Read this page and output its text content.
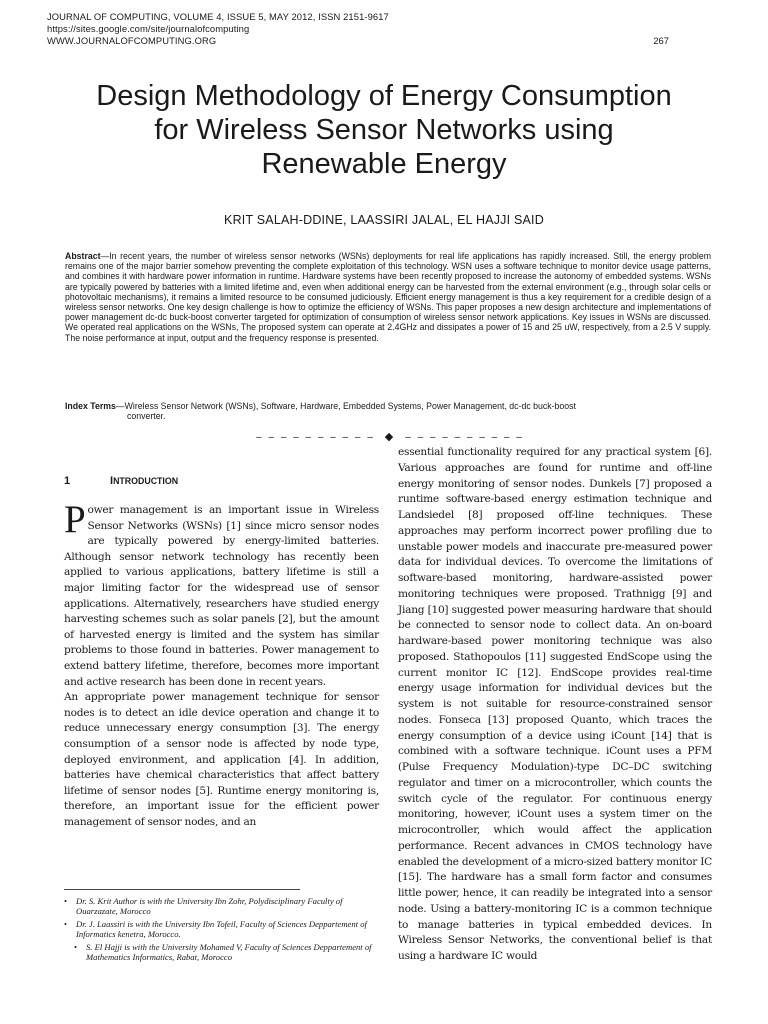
JOURNAL OF COMPUTING, VOLUME 4, ISSUE 5, MAY 2012, ISSN 2151-9617
https://sites.google.com/site/journalofcomputing
WWW.JOURNALOFCOMPUTING.ORG	267
Design Methodology of Energy Consumption
for Wireless Sensor Networks using
Renewable Energy
KRIT SALAH-DDINE, LAASSIRI JALAL, EL HAJJI SAID
Abstract—In recent years, the number of wireless sensor networks (WSNs) deployments for real life applications has rapidly increased. Still, the energy problem remains one of the major barrier somehow preventing the complete exploitation of this technology. WSN uses a software technique to monitor device usage patterns, and combines it with hardware power information in runtime. Hardware systems have been recently proposed to increase the autonomy of embedded systems. WSNs are typically powered by batteries with a limited lifetime and, even when additional energy can be harvested from the external environment (e.g., through solar cells or photovoltaic mechanisms), it remains a limited resource to be consumed judiciously. Efficient energy management is thus a key requirement for a credible design of a wireless sensor networks. One key design challenge is how to optimize the efficiency of WSNs. This paper proposes a new design architecture and implementations of power management dc-dc buck-boost converter targeted for optimization of consumption of wireless sensor network applications. Key issues in WSNs are discussed. We operated real applications on the WSNs, The proposed system can operate at 2.4GHz and dissipates a power of 15 and 25 uW, respectively, from a 2.5 V supply. The noise performance at input, output and the frequency response is presented.
Index Terms—Wireless Sensor Network (WSNs), Software, Hardware, Embedded Systems, Power Management, dc-dc buck-boost
converter.
– – – – – – – – – – ◆ – – – – – – – – – –
1	INTRODUCTION

Power management is an important issue in Wireless Sensor Networks (WSNs) [1] since micro sensor nodes are typically powered by energy-limited batteries. Although sensor network technology has recently been applied to various applications, battery lifetime is still a major limiting factor for the widespread use of sensor applications. Alternatively, researchers have studied energy harvesting schemes such as solar panels [2], but the amount of harvested energy is limited and the system has similar problems to those found in batteries. Power management to extend battery lifetime, therefore, becomes more important and active research has been done in recent years.

An appropriate power management technique for sensor nodes is to detect an idle device operation and change it to reduce unnecessary energy consumption [3]. The energy consumption of a sensor node is affected by node type, deployed environment, and application [4]. In addition, batteries have chemical characteristics that affect battery lifetime of sensor nodes [5]. Runtime energy monitoring is, therefore, an important issue for the efficient power management of sensor nodes, and an

essential functionality required for any practical system [6]. Various approaches are found for runtime and off-line energy monitoring of sensor nodes. Dunkels [7] proposed a runtime software-based energy estimation technique and Landsiedel [8] proposed off-line techniques. These approaches may perform incorrect power profiling due to unstable power models and inaccurate pre-measured power data for individual devices. To overcome the limitations of software-based monitoring, hardware-assisted power monitoring techniques were proposed. Trathnigg [9] and Jiang [10] suggested power measuring hardware that should be connected to sensor node to collect data. An on-board hardware-based power monitoring technique was also proposed. Stathopoulos [11] suggested EndScope using the current monitor IC [12]. EndScope provides real-time energy usage information for individual devices but the system is not suitable for resource-constrained sensor nodes. Fonseca [13] proposed Quanto, which traces the energy consumption of a device using iCount [14] that is combined with a software technique. iCount uses a PFM (Pulse Frequency Modulation)-type DC–DC switching regulator and timer on a microcontroller, which counts the switch cycle of the regulator. For continuous energy monitoring, however, iCount uses a system timer on the microcontroller, which would affect the application performance. Recent advances in CMOS technology have enabled the development of a micro-sized battery monitor IC [15]. The hardware has a small form factor and consumes little power, hence, it can readily be integrated into a sensor node. Using a battery-monitoring IC is a common technique to manage batteries in typical embedded devices. In Wireless Sensor Networks, the conventional belief is that using a hardware IC would

• Dr. S. Krit Author is with the University Ibn Zohr, Polydisciplinary Faculty of Ouarzazate, Morocco
• Dr. J. Laassiri is with the University Ibn Tofeil, Faculty of Sciences Deppartement of Informatics kenetra, Morocco.
• S. El Hajji is with the University Mohamed V, Faculty of Sciences Deppartement of Mathematics Informatics, Rabat, Morocco
